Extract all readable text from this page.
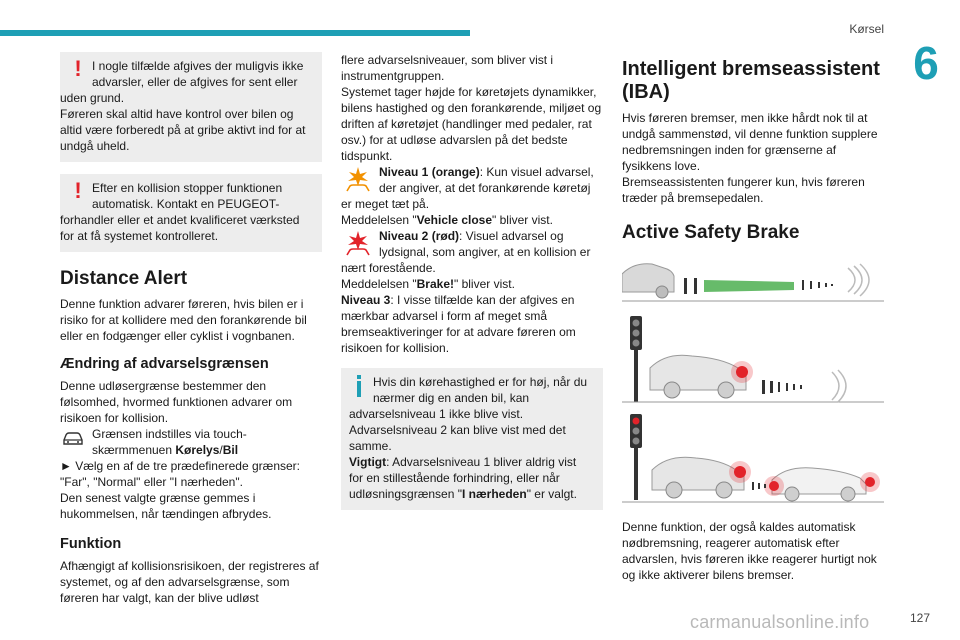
Kørsel
6
! I nogle tilfælde afgives der muligvis ikke

advarsler, eller de afgives for sent eller

uden grund.

Føreren skal altid have kontrol over bilen og altid være forberedt på at gribe aktivt ind for at undgå uheld.

! Efter en kollision stopper funktionen

automatisk. Kontakt en PEUGEOT-

forhandler eller et andet kvalificeret værksted for at få systemet kontrolleret.

Distance Alert

Denne funktion advarer føreren, hvis bilen er i risiko for at kollidere med den forankørende bil eller en fodgænger eller cyklist i vognbanen.

Ændring af advarselsgrænsen

Denne udløsergrænse bestemmer den følsomhed, hvormed funktionen advarer om risikoen for kollision.

Grænsen indstilles via touch-

skærmmenuen Kørelys/Bil

► Vælg en af de tre prædefinerede grænser: "Far", "Normal" eller "I nærheden".

Den senest valgte grænse gemmes i hukommelsen, når tændingen afbrydes.

Funktion

Afhængigt af kollisionsrisikoen, der registreres af systemet, og af den advarselsgrænse, som føreren har valgt, kan der blive udløst

flere advarselsniveauer, som bliver vist i instrumentgruppen.

Systemet tager højde for køretøjets dynamikker, bilens hastighed og den forankørende, miljøet og driften af køretøjet (handlinger med pedaler, rat osv.) for at udløse advarslen på det bedste tidspunkt.

Niveau 1 (orange): Kun visuel advarsel,

der angiver, at det forankørende køretøj

er meget tæt på.

Meddelelsen "Vehicle close" bliver vist.

Niveau 2 (rød): Visuel advarsel og

lydsignal, som angiver, at en kollision er

nært forestående.

Meddelelsen "Brake!" bliver vist.

Niveau 3: I visse tilfælde kan der afgives en mærkbar advarsel i form af meget små bremseaktiveringer for at advare føreren om risikoen for kollision.

Hvis din kørehastighed er for høj, når du

nærmer dig en anden bil, kan

advarselsniveau 1 ikke blive vist. Advarselsniveau 2 kan blive vist med det samme.

Vigtigt: Advarselsniveau 1 bliver aldrig vist for en stillestående forhindring, eller når udløsningsgrænsen "I nærheden" er valgt.

Intelligent bremseassistent
(IBA)

Hvis føreren bremser, men ikke hårdt nok til at undgå sammenstød, vil denne funktion supplere nedbremsningen inden for grænserne af fysikkens love.

Bremseassistenten fungerer kun, hvis føreren træder på bremsepedalen.

Active Safety Brake

Denne funktion, der også kaldes automatisk nødbremsning, reagerer automatisk efter advarslen, hvis føreren ikke reagerer hurtigt nok og ikke aktiverer bilens bremser.

carmanualsonline.info	127
